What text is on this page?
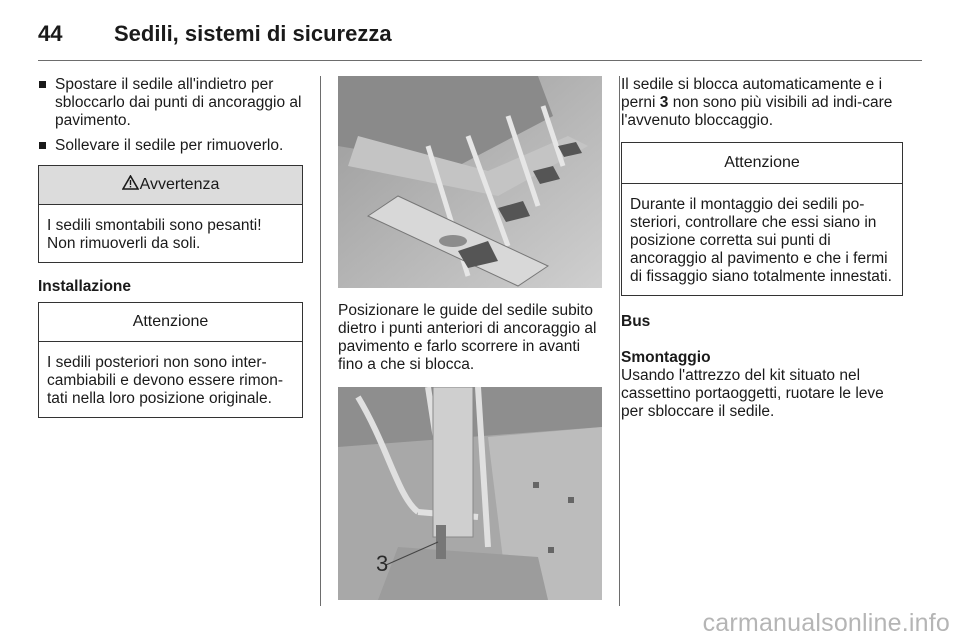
44	Sedili, sistemi di sicurezza
Spostare il sedile all'indietro per sbloccarlo dai punti di ancoraggio al pavimento.
Sollevare il sedile per rimuoverlo.
Avvertenza
I sedili smontabili sono pesanti! Non rimuoverli da soli.
Installazione
Attenzione
I sedili posteriori non sono inter-cambiabili e devono essere rimon-tati nella loro posizione originale.

Posizionare le guide del sedile subito dietro i punti anteriori di ancoraggio al pavimento e farlo scorrere in avanti fino a che si blocca.

3

Il sedile si blocca automaticamente e i perni 3 non sono più visibili ad indi-care l'avvenuto bloccaggio.

Attenzione
Durante il montaggio dei sedili po-steriori, controllare che essi siano in posizione corretta sui punti di ancoraggio al pavimento e che i fermi di fissaggio siano totalmente innestati.
Bus
Smontaggio

Usando l'attrezzo del kit situato nel cassettino portaoggetti, ruotare le leve per sbloccare il sedile.

carmanualsonline.info
